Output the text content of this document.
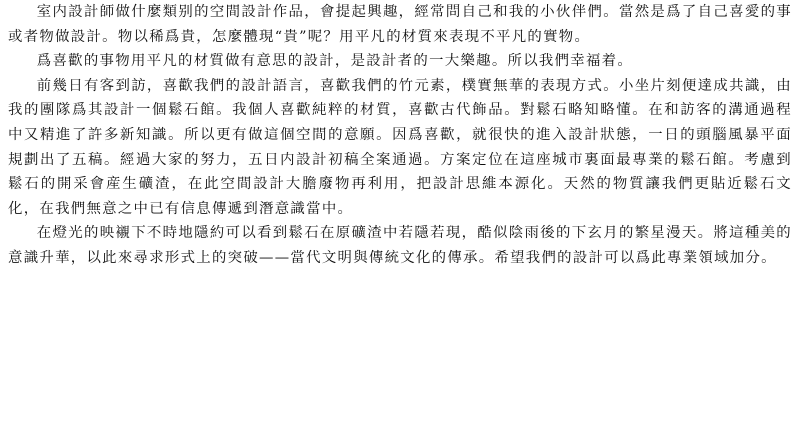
室内設計師做什麼類别的空間設計作品，會提起興趣，經常問自己和我的小伙伴們。當然是爲了自己喜愛的事或者物做設計。物以稀爲貴，怎麼體現“貴”呢？用平凡的材質來表現不平凡的實物。

爲喜歡的事物用平凡的材質做有意思的設計，是設計者的一大樂趣。所以我們幸福着。

前幾日有客到訪，喜歡我們的設計語言，喜歡我們的竹元素，樸實無華的表現方式。小坐片刻便達成共識，由我的團隊爲其設計一個鬆石館。我個人喜歡純粹的材質，喜歡古代飾品。對鬆石略知略懂。在和訪客的溝通過程中又精進了許多新知識。所以更有做這個空間的意願。因爲喜歡，就很快的進入設計狀態，一日的頭腦風暴平面規劃出了五稿。經過大家的努力，五日内設計初稿全案通過。方案定位在這座城市裏面最專業的鬆石館。考慮到鬆石的開采會産生礦渣，在此空間設計大膽廢物再利用，把設計思維本源化。天然的物質讓我們更貼近鬆石文化，在我們無意之中已有信息傳遞到潛意識當中。

在燈光的映襯下不時地隱約可以看到鬆石在原礦渣中若隱若現，酷似陰雨後的下玄月的繁星漫天。將這種美的意識升華，以此來尋求形式上的突破——當代文明與傳統文化的傳承。希望我們的設計可以爲此專業領域加分。
